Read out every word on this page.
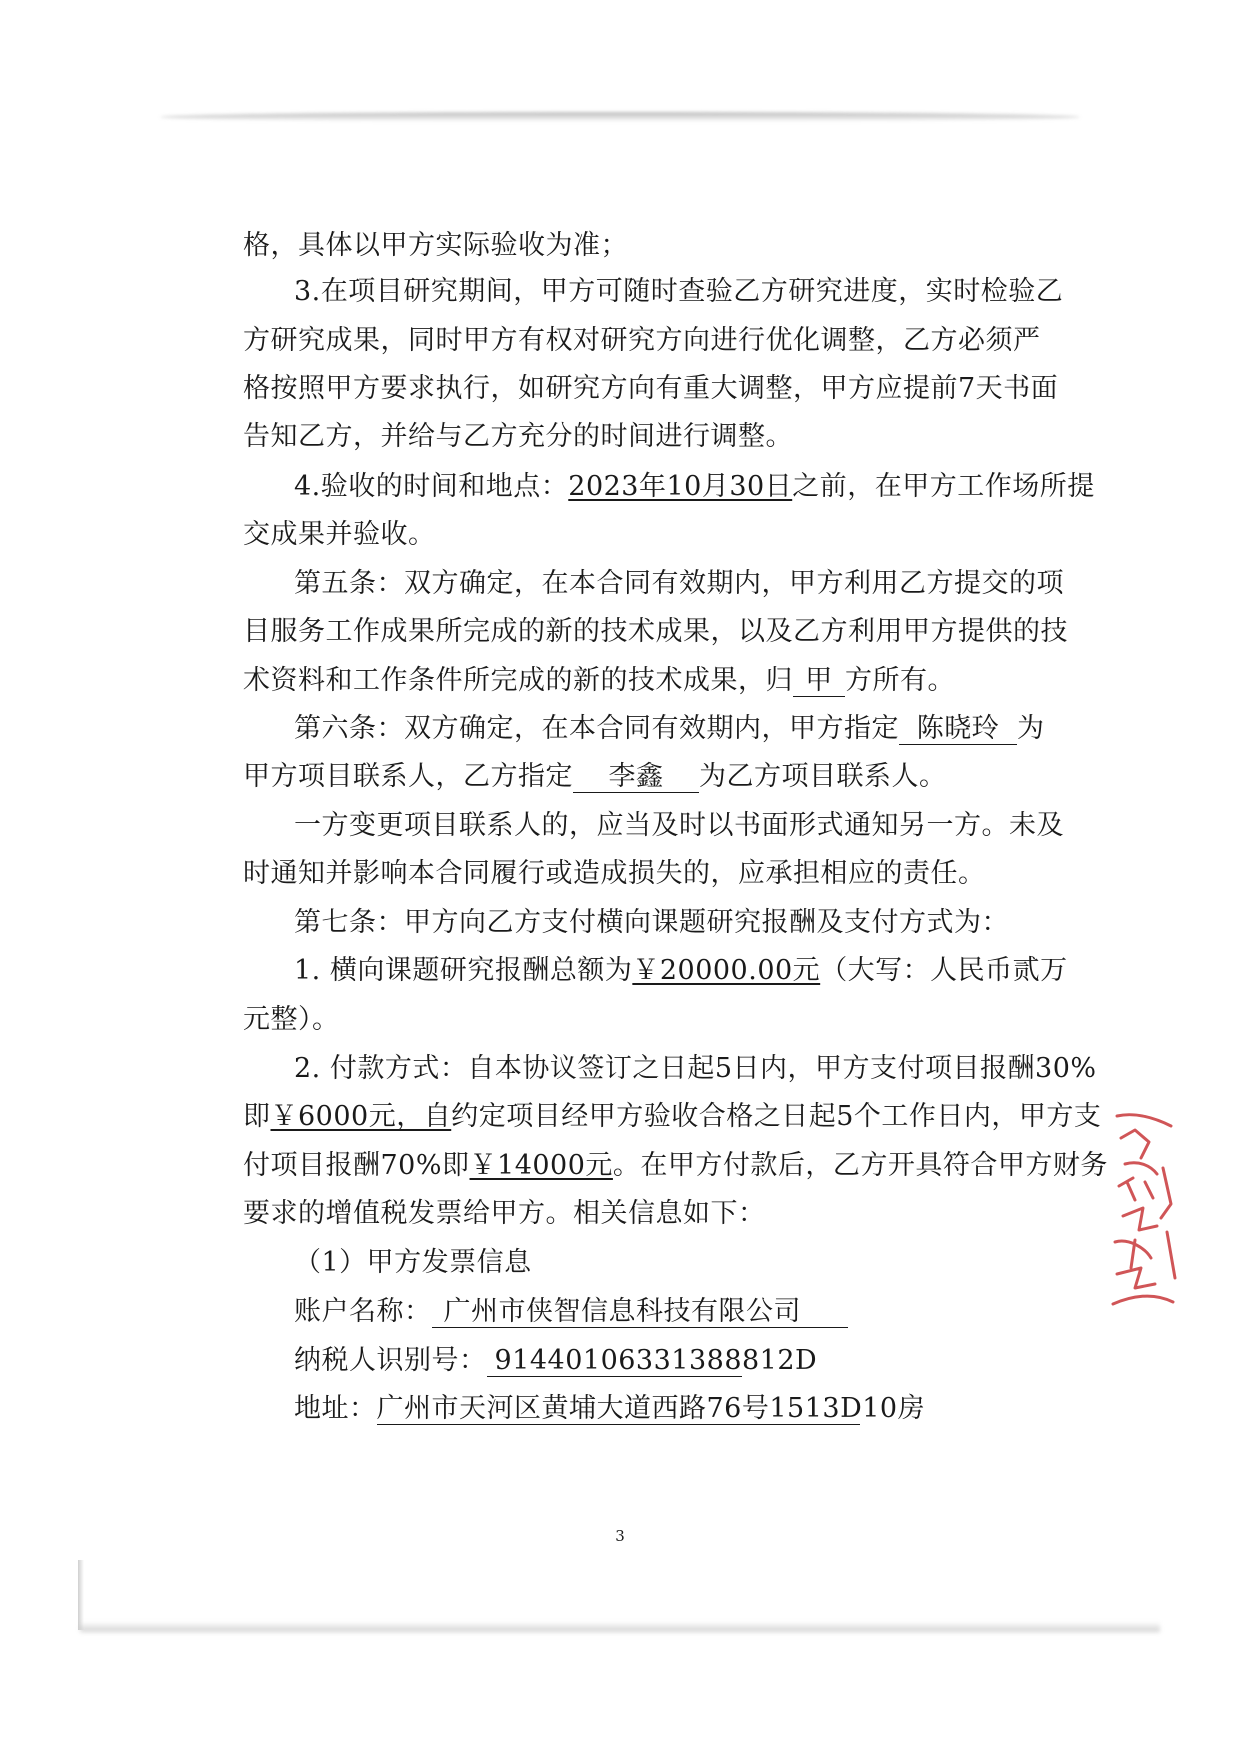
格，具体以甲方实际验收为准；
3.在项目研究期间，甲方可随时查验乙方研究进度，实时检验乙
方研究成果，同时甲方有权对研究方向进行优化调整，乙方必须严
格按照甲方要求执行，如研究方向有重大调整，甲方应提前7天书面
告知乙方，并给与乙方充分的时间进行调整。
4.验收的时间和地点：2023年10月30日之前，在甲方工作场所提
交成果并验收。
第五条：双方确定，在本合同有效期内，甲方利用乙方提交的项
目服务工作成果所完成的新的技术成果，以及乙方利用甲方提供的技
术资料和工作条件所完成的新的技术成果，归 甲 方所有。
第六条：双方确定，在本合同有效期内，甲方指定 陈晓玲 为
甲方项目联系人，乙方指定 李鑫 为乙方项目联系人。
一方变更项目联系人的，应当及时以书面形式通知另一方。未及
时通知并影响本合同履行或造成损失的，应承担相应的责任。
第七条：甲方向乙方支付横向课题研究报酬及支付方式为：
1. 横向课题研究报酬总额为￥20000.00元（大写：人民币贰万
元整）。
2. 付款方式：自本协议签订之日起5日内，甲方支付项目报酬30%
即￥6000元，自约定项目经甲方验收合格之日起5个工作日内，甲方支
付项目报酬70%即￥14000元。在甲方付款后，乙方开具符合甲方财务
要求的增值税发票给甲方。相关信息如下：
（1）甲方发票信息
账户名称： 广州市侠智信息科技有限公司
纳税人识别号： 91440106331388812D
地址：广州市天河区黄埔大道西路76号1513D10房
3
